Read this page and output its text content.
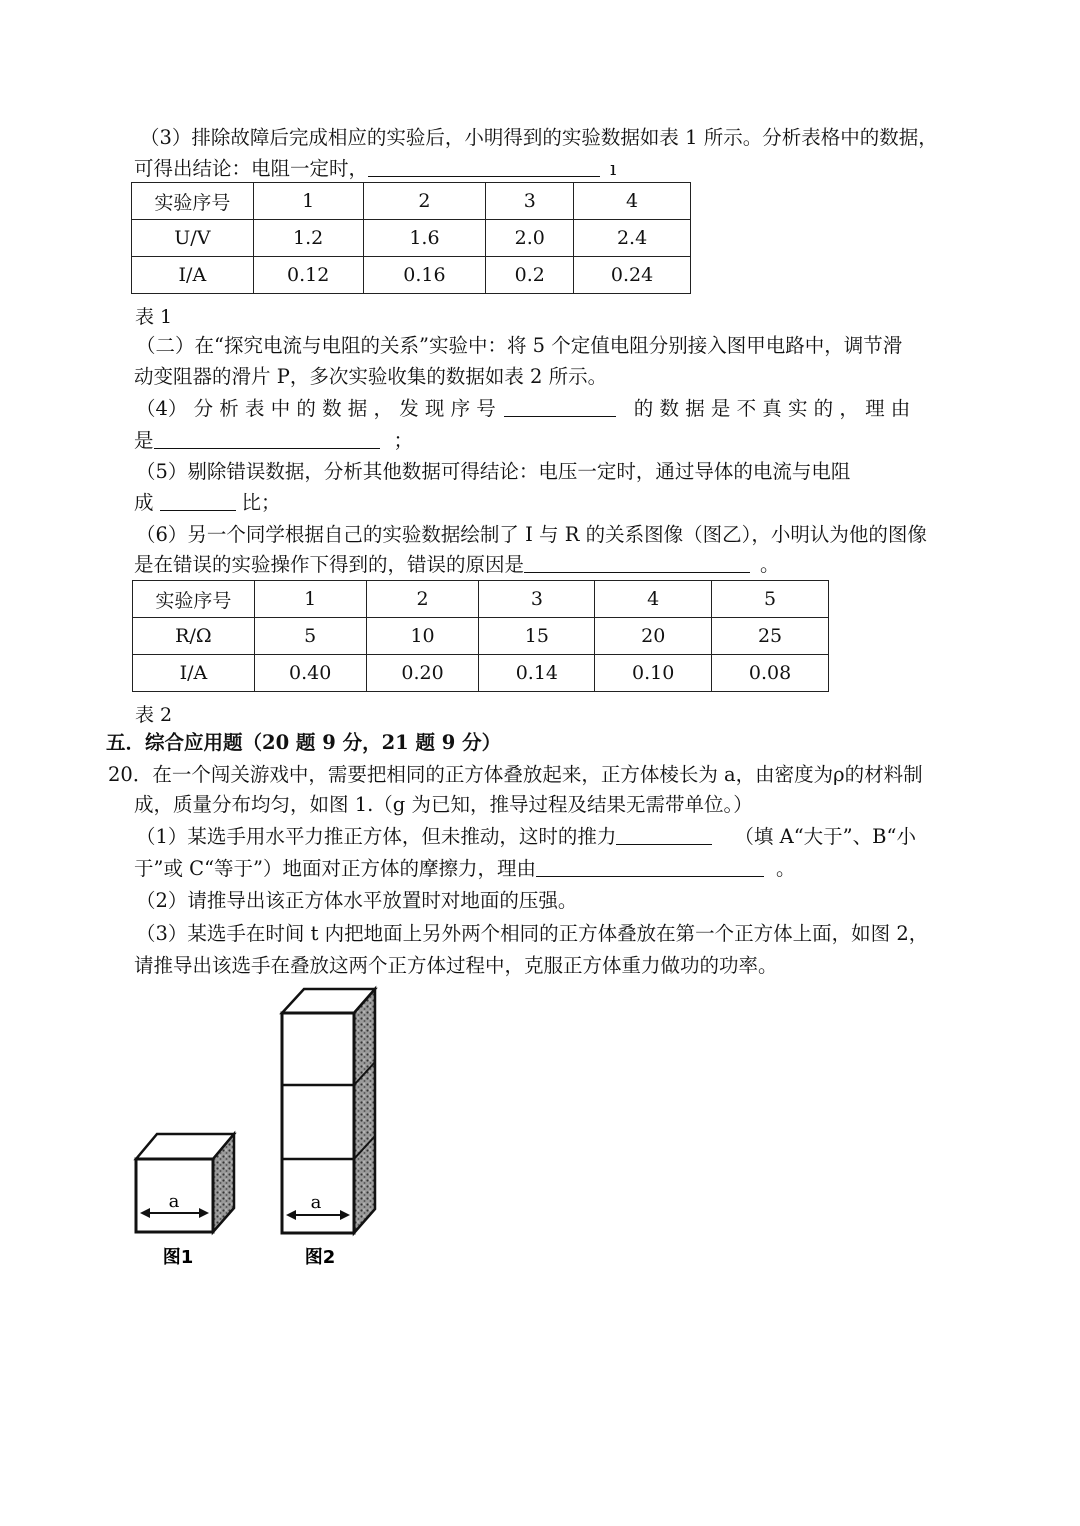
（3）排除故障后完成相应的实验后，小明得到的实验数据如表 1 所示。分析表格中的数据，
可得出结论：电阻一定时，	ı
实验序号	1	2	3	4
U/V	1.2	1.6	2.0	2.4
I/A	0.12	0.16	0.2	0.24
表 1
（二）在“探究电流与电阻的关系”实验中：将 5 个定值电阻分别接入图甲电路中，调节滑
动变阻器的滑片 P，多次实验收集的数据如表 2 所示。
（4） 分 析 表 中 的 数 据 ， 发 现 序 号	的 数 据 是 不 真 实 的 ， 理 由
是	；
（5）剔除错误数据，分析其他数据可得结论：电压一定时，通过导体的电流与电阻
成	比；
（6）另一个同学根据自己的实验数据绘制了 I 与 R 的关系图像（图乙），小明认为他的图像
是在错误的实验操作下得到的，错误的原因是	。
实验序号	1	2	3	4	5
R/Ω	5	10	15	20	25
I/A	0.40	0.20	0.14	0.10	0.08
表 2
五．综合应用题（20 题 9 分，21 题 9 分）
20．在一个闯关游戏中，需要把相同的正方体叠放起来，正方体棱长为 a，由密度为ρ的材料制
成，质量分布均匀，如图 1.（g 为已知，推导过程及结果无需带单位。）
（1）某选手用水平力推正方体，但未推动，这时的推力	（填 A“大于”、B“小
于”或 C“等于”）地面对正方体的摩擦力，理由	。
（2）请推导出该正方体水平放置时对地面的压强。
（3）某选手在时间 t 内把地面上另外两个相同的正方体叠放在第一个正方体上面，如图 2，
请推导出该选手在叠放这两个正方体过程中，克服正方体重力做功的功率。
a
图1
a
图2
